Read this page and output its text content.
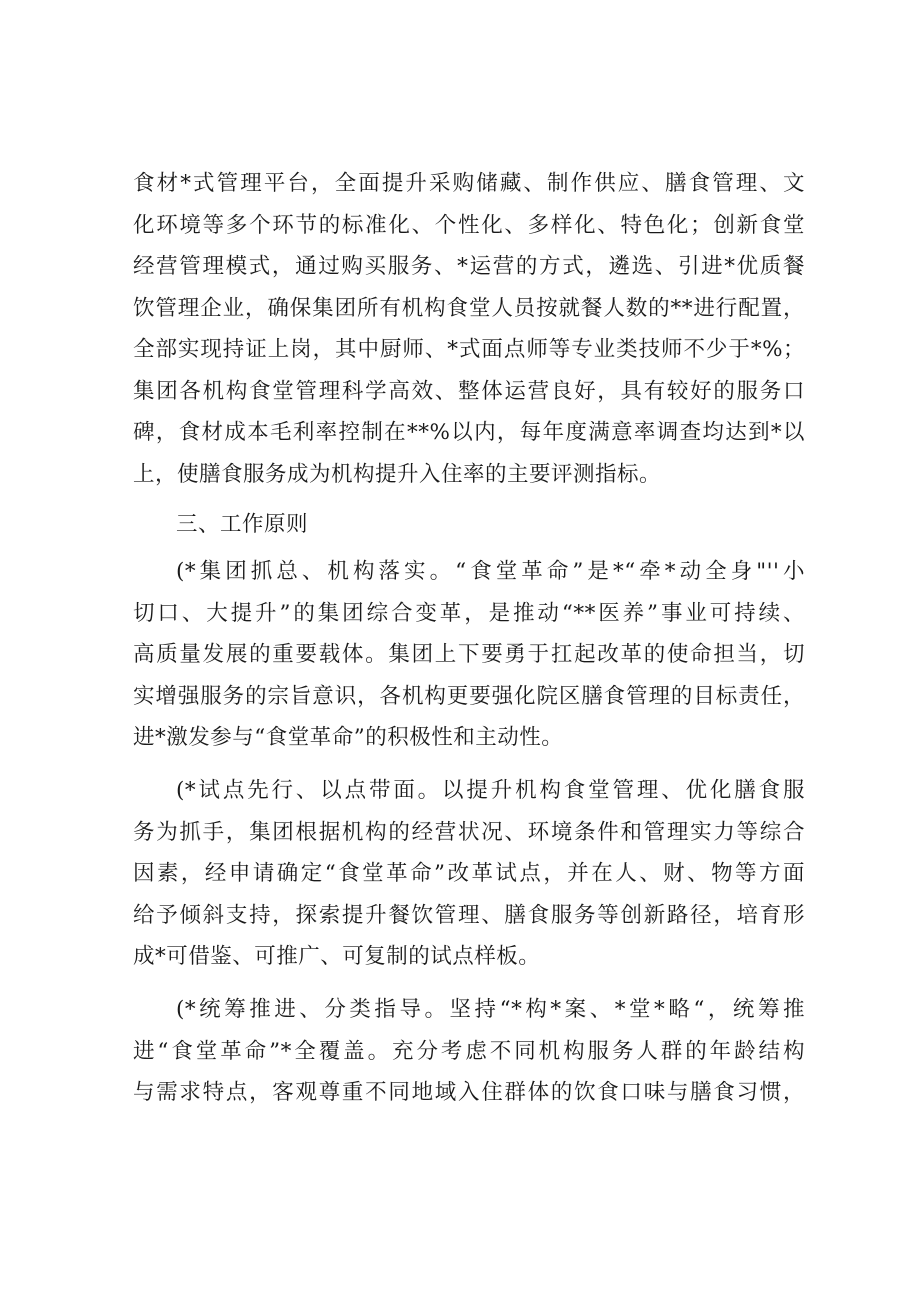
食材*式管理平台，全面提升采购储藏、制作供应、膳食管理、文
化环境等多个环节的标准化、个性化、多样化、特色化；创新食堂
经营管理模式，通过购买服务、*运营的方式，遴选、引进*优质餐
饮管理企业，确保集团所有机构食堂人员按就餐人数的**进行配置，
全部实现持证上岗，其中厨师、*式面点师等专业类技师不少于*%；
集团各机构食堂管理科学高效、整体运营良好，具有较好的服务口
碑，食材成本毛利率控制在**%以内，每年度满意率调查均达到*以
上，使膳食服务成为机构提升入住率的主要评测指标。
三、工作原则
(*集团抓总、机构落实。“食堂革命”是*“牵*动全身"''小
切口、大提升”的集团综合变革，是推动“**医养”事业可持续、
高质量发展的重要载体。集团上下要勇于扛起改革的使命担当，切
实增强服务的宗旨意识，各机构更要强化院区膳食管理的目标责任，
进*激发参与“食堂革命”的积极性和主动性。
(*试点先行、以点带面。以提升机构食堂管理、优化膳食服
务为抓手，集团根据机构的经营状况、环境条件和管理实力等综合
因素，经申请确定“食堂革命”改革试点，并在人、财、物等方面
给予倾斜支持，探索提升餐饮管理、膳食服务等创新路径，培育形
成*可借鉴、可推广、可复制的试点样板。
(*统筹推进、分类指导。坚持“*构*案、*堂*略“，统筹推
进“食堂革命”*全覆盖。充分考虑不同机构服务人群的年龄结构
与需求特点，客观尊重不同地域入住群体的饮食口味与膳食习惯，
